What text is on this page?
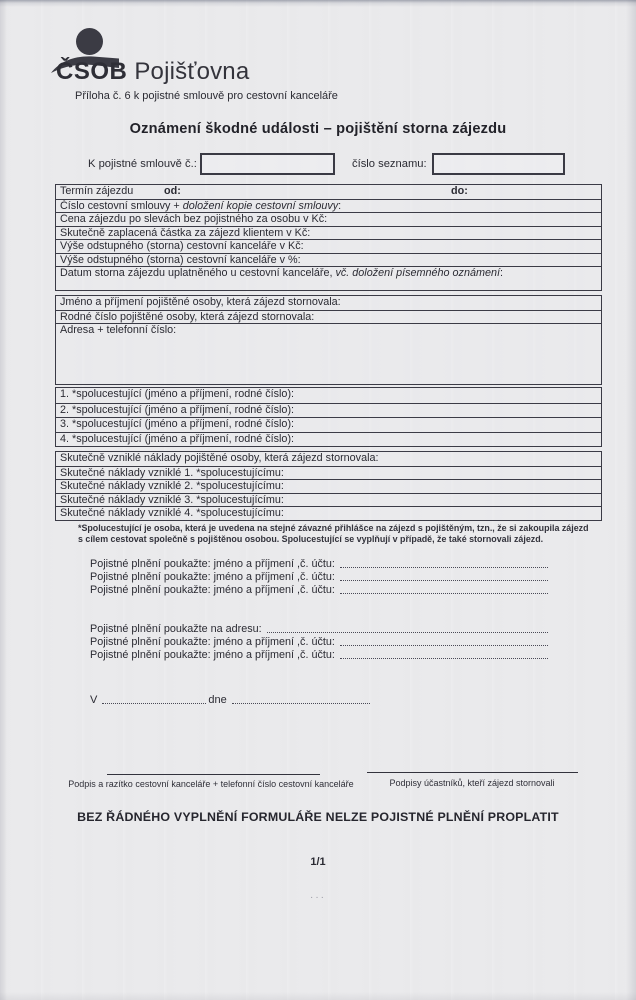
ČSOB Pojišťovna
Příloha č. 6 k pojistné smlouvě pro cestovní kanceláře
Oznámení škodné události – pojištění storna zájezdu
K pojistné smlouvě č.:	číslo seznamu:
Termín zájezdu	od:	do:
Číslo cestovní smlouvy + doložení kopie cestovní smlouvy:
Cena zájezdu po slevách bez pojistného za osobu v Kč:
Skutečně zaplacená částka za zájezd klientem v Kč:
Výše odstupného (storna) cestovní kanceláře v Kč:
Výše odstupného (storna) cestovní kanceláře v %:
Datum storna zájezdu uplatněného u cestovní kanceláře, vč. doložení písemného oznámení:
Jméno a příjmení pojištěné osoby, která zájezd stornovala:
Rodné číslo pojištěné osoby, která zájezd stornovala:
Adresa + telefonní číslo:
1. *spolucestující (jméno a příjmení, rodné číslo):
2. *spolucestující (jméno a příjmení, rodné číslo):
3. *spolucestující (jméno a příjmení, rodné číslo):
4. *spolucestující (jméno a příjmení, rodné číslo):
Skutečně vzniklé náklady pojištěné osoby, která zájezd stornovala:
Skutečné náklady vzniklé 1. *spolucestujícímu:
Skutečné náklady vzniklé 2. *spolucestujícímu:
Skutečné náklady vzniklé 3. *spolucestujícímu:
Skutečné náklady vzniklé 4. *spolucestujícímu:
*Spolucestující je osoba, která je uvedena na stejné závazné přihlášce na zájezd s pojištěným, tzn., že si zakoupila zájezd
s cílem cestovat společně s pojištěnou osobou. Spolucestující se vyplňují v případě, že také stornovali zájezd.
Pojistné plnění poukažte: jméno a příjmení ,č. účtu:
Pojistné plnění poukažte: jméno a příjmení ,č. účtu:
Pojistné plnění poukažte: jméno a příjmení ,č. účtu:
Pojistné plnění poukažte na adresu:
Pojistné plnění poukažte: jméno a příjmení ,č. účtu:
Pojistné plnění poukažte: jméno a příjmení ,č. účtu:
V	dne
Podpis a razítko cestovní kanceláře + telefonní číslo cestovní kanceláře	Podpisy účastníků, kteří zájezd stornovali
BEZ ŘÁDNÉHO VYPLNĚNÍ FORMULÁŘE NELZE POJISTNÉ PLNĚNÍ PROPLATIT
1/1
···
